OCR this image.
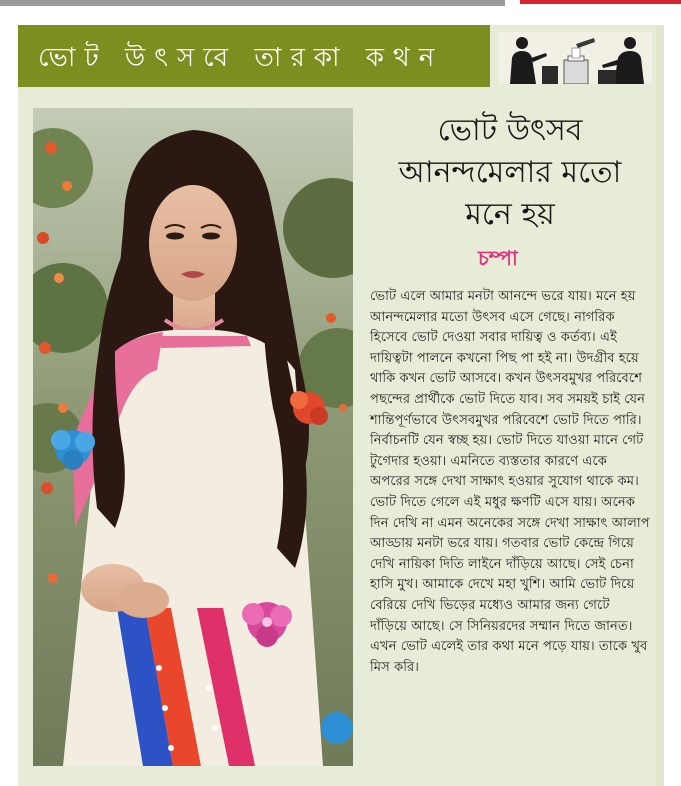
ভোট উৎসবে তারকা কথন
ভোট উৎসব
আনন্দমেলার মতো
মনে হয়
চম্পা
ভোট এলে আমার মনটা আনন্দে ভরে যায়। মনে হয় আনন্দমেলার মতো উৎসব এসে গেছে। নাগরিক হিসেবে ভোট দেওয়া সবার দায়িত্ব ও কর্তব্য। এই দায়িত্বটা পালনে কখনো পিছ পা হই না। উদগ্রীব হয়ে থাকি কখন ভোট আসবে। কখন উৎসবমুখর পরিবেশে পছন্দের প্রার্থীকে ভোট দিতে যাব। সব সময়ই চাই যেন শান্তিপূর্ণভাবে উৎসবমুখর পরিবেশে ভোট দিতে পারি। নির্বাচনটি যেন স্বচ্ছ হয়। ভোট দিতে যাওয়া মানে গেট টুগেদার হওয়া। এমনিতে ব্যস্ততার কারণে একে অপরের সঙ্গে দেখা সাক্ষাৎ হওয়ার সুযোগ থাকে কম। ভোট দিতে গেলে এই মধুর ক্ষণটি এসে যায়। অনেক দিন দেখি না এমন অনেকের সঙ্গে দেখা সাক্ষাৎ আলাপ আড্ডায় মনটা ভরে যায়। গতবার ভোট কেন্দ্রে গিয়ে দেখি নায়িকা দিতি লাইনে দাঁড়িয়ে আছে। সেই চেনা হাসি মুখ। আমাকে দেখে মহা খুশি। আমি ভোট দিয়ে বেরিয়ে দেখি ভিড়ের মধ্যেও আমার জন্য গেটে দাঁড়িয়ে আছে। সে সিনিয়রদের সম্মান দিতে জানত। এখন ভোট এলেই তার কথা মনে পড়ে যায়। তাকে খুব মিস করি।
